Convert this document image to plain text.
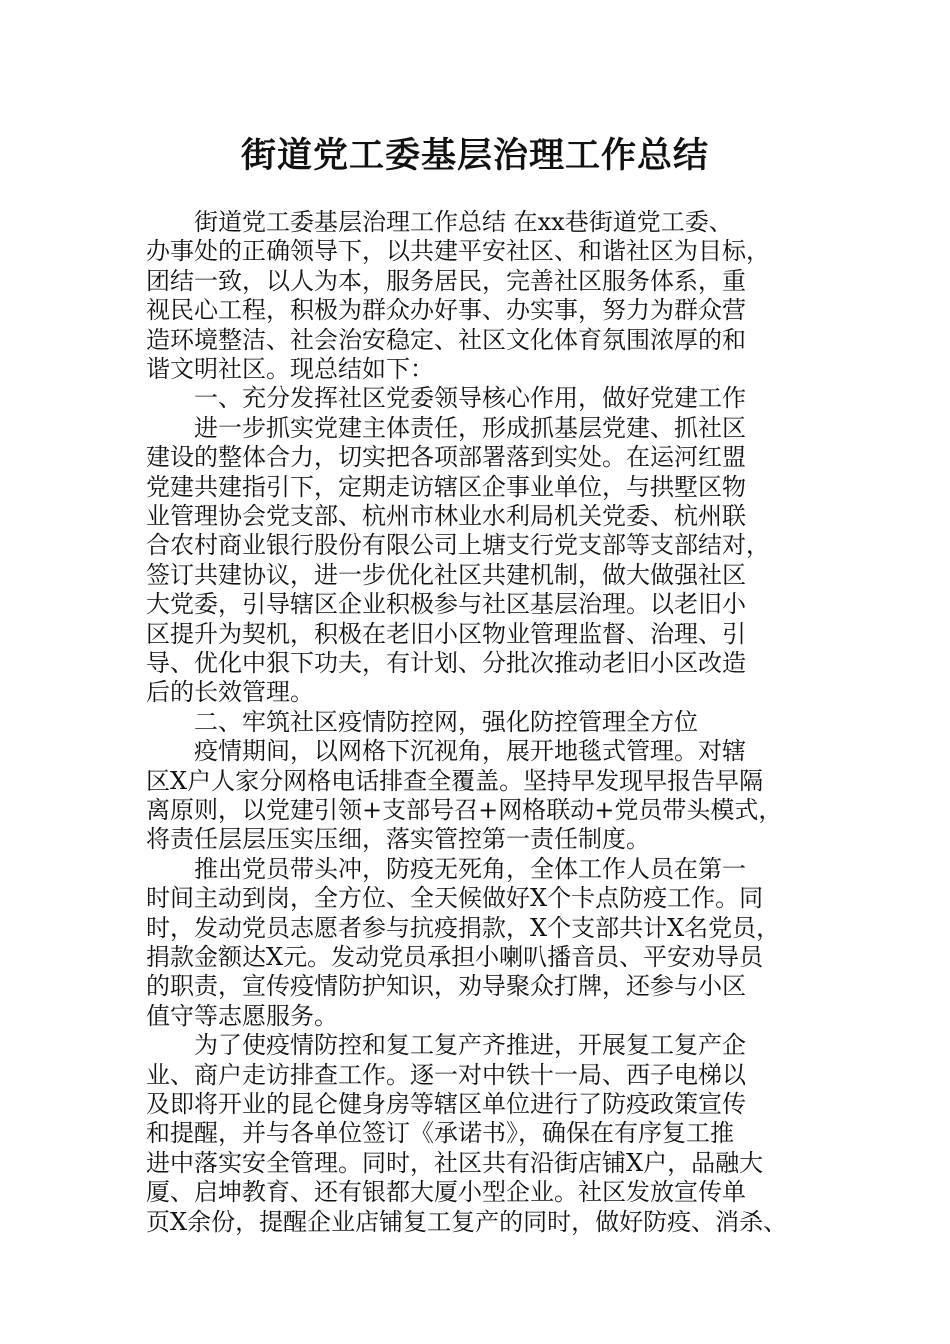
街道党工委基层治理工作总结
街道党工委基层治理工作总结 在xx巷街道党工委、
办事处的正确领导下，以共建平安社区、和谐社区为目标，
团结一致，以人为本，服务居民，完善社区服务体系，重
视民心工程，积极为群众办好事、办实事，努力为群众营
造环境整洁、社会治安稳定、社区文化体育氛围浓厚的和
谐文明社区。现总结如下：
一、充分发挥社区党委领导核心作用，做好党建工作
进一步抓实党建主体责任，形成抓基层党建、抓社区
建设的整体合力，切实把各项部署落到实处。在运河红盟
党建共建指引下，定期走访辖区企事业单位，与拱墅区物
业管理协会党支部、杭州市林业水利局机关党委、杭州联
合农村商业银行股份有限公司上塘支行党支部等支部结对，
签订共建协议，进一步优化社区共建机制，做大做强社区
大党委，引导辖区企业积极参与社区基层治理。以老旧小
区提升为契机，积极在老旧小区物业管理监督、治理、引
导、优化中狠下功夫，有计划、分批次推动老旧小区改造
后的长效管理。
二、牢筑社区疫情防控网，强化防控管理全方位
疫情期间，以网格下沉视角，展开地毯式管理。对辖
区X户人家分网格电话排查全覆盖。坚持早发现早报告早隔
离原则，以党建引领+支部号召+网格联动+党员带头模式，
将责任层层压实压细，落实管控第一责任制度。
推出党员带头冲，防疫无死角，全体工作人员在第一
时间主动到岗，全方位、全天候做好X个卡点防疫工作。同
时，发动党员志愿者参与抗疫捐款，X个支部共计X名党员，
捐款金额达X元。发动党员承担小喇叭播音员、平安劝导员
的职责，宣传疫情防护知识，劝导聚众打牌，还参与小区
值守等志愿服务。
为了使疫情防控和复工复产齐推进，开展复工复产企
业、商户走访排查工作。逐一对中铁十一局、西子电梯以
及即将开业的昆仑健身房等辖区单位进行了防疫政策宣传
和提醒，并与各单位签订《承诺书》，确保在有序复工推
进中落实安全管理。同时，社区共有沿街店铺X户，品融大
厦、启坤教育、还有银都大厦小型企业。社区发放宣传单
页X余份，提醒企业店铺复工复产的同时，做好防疫、消杀、
